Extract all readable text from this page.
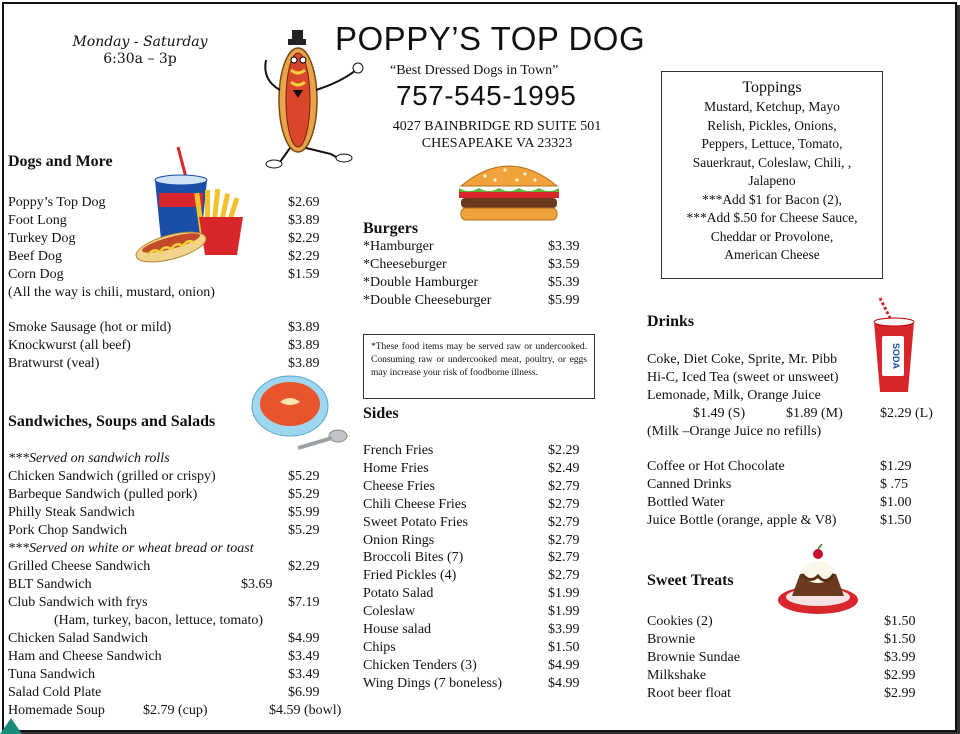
Monday - Saturday
6:30a – 3p
POPPY’S TOP DOG
“Best Dressed Dogs in Town”
757-545-1995
4027 BAINBRIDGE RD SUITE 501
CHESAPEAKE VA 23323
Dogs and More
Poppy’s Top Dog	$2.69
Foot Long	$3.89
Turkey Dog	$2.29
Beef Dog	$2.29
Corn Dog	$1.59
Smoke Sausage (hot or mild)	$3.89
Knockwurst (all beef)	$3.89
Bratwurst (veal)	$3.89
(All the way is chili, mustard, onion)
Sandwiches, Soups and Salads
***Served on sandwich rolls
Chicken Sandwich (grilled or crispy)	$5.29
Barbeque Sandwich (pulled pork)	$5.29
Philly Steak Sandwich	$5.99
Pork Chop Sandwich	$5.29
***Served on white or wheat bread or toast
Grilled Cheese Sandwich	$2.29
BLT Sandwich	$3.69
Club Sandwich with frys	$7.19
(Ham, turkey, bacon, lettuce, tomato)
Chicken Salad Sandwich	$4.99
Ham and Cheese Sandwich	$3.49
Tuna Sandwich	$3.49
Salad Cold Plate	$6.99
Homemade Soup	$2.79 (cup)	$4.59 (bowl)
Burgers
*Hamburger	$3.39
*Cheeseburger	$3.59
*Double Hamburger	$5.39
*Double Cheeseburger	$5.99
*These food items may be served raw or undercooked. Consuming raw or undercooked meat, poultry, or eggs may increase your risk of foodborne illness.
Sides
French Fries	$2.29
Home Fries	$2.49
Cheese Fries	$2.79
Chili Cheese Fries	$2.79
Sweet Potato Fries	$2.79
Onion Rings	$2.79
Broccoli Bites (7)	$2.79
Fried Pickles (4)	$2.79
Potato Salad	$1.99
Coleslaw	$1.99
House salad	$3.99
Chips	$1.50
Chicken Tenders (3)	$4.99
Wing Dings (7 boneless)	$4.99
Toppings
Mustard, Ketchup, Mayo
Relish, Pickles, Onions,
Peppers, Lettuce, Tomato,
Sauerkraut, Coleslaw, Chili, ,
Jalapeno
***Add $1 for Bacon (2),
***Add $.50 for Cheese Sauce,
Cheddar or Provolone,
American Cheese
Drinks
SODA
Coke, Diet Coke, Sprite, Mr. Pibb
Hi-C, Iced Tea (sweet or unsweet)
Lemonade, Milk, Orange Juice
$1.49 (S)	$1.89 (M)	$2.29 (L)
(Milk –Orange Juice no refills)
Coffee or Hot Chocolate	$1.29
Canned Drinks	$ .75
Bottled Water	$1.00
Juice Bottle (orange, apple & V8)	$1.50
Sweet Treats
Cookies (2)	$1.50
Brownie	$1.50
Brownie Sundae	$3.99
Milkshake	$2.99
Root beer float	$2.99
